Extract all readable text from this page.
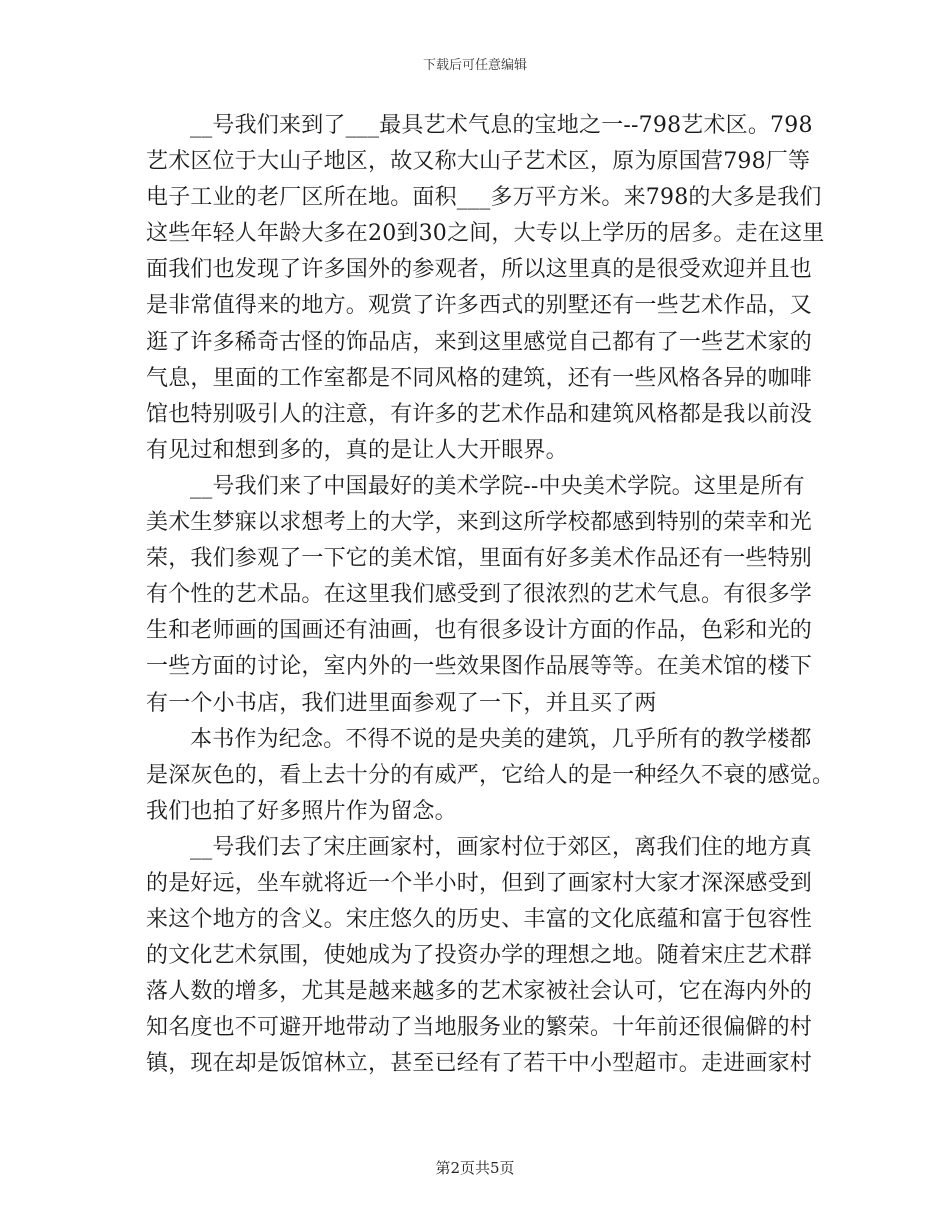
下载后可任意编辑
__号我们来到了___最具艺术气息的宝地之一--798艺术区。798
艺术区位于大山子地区，故又称大山子艺术区，原为原国营798厂等
电子工业的老厂区所在地。面积___多万平方米。来798的大多是我们
这些年轻人年龄大多在20到30之间，大专以上学历的居多。走在这里
面我们也发现了许多国外的参观者，所以这里真的是很受欢迎并且也
是非常值得来的地方。观赏了许多西式的别墅还有一些艺术作品，又
逛了许多稀奇古怪的饰品店，来到这里感觉自己都有了一些艺术家的
气息，里面的工作室都是不同风格的建筑，还有一些风格各异的咖啡
馆也特别吸引人的注意，有许多的艺术作品和建筑风格都是我以前没
有见过和想到多的，真的是让人大开眼界。
__号我们来了中国最好的美术学院--中央美术学院。这里是所有
美术生梦寐以求想考上的大学，来到这所学校都感到特别的荣幸和光
荣，我们参观了一下它的美术馆，里面有好多美术作品还有一些特别
有个性的艺术品。在这里我们感受到了很浓烈的艺术气息。有很多学
生和老师画的国画还有油画，也有很多设计方面的作品，色彩和光的
一些方面的讨论，室内外的一些效果图作品展等等。在美术馆的楼下
有一个小书店，我们进里面参观了一下，并且买了两
本书作为纪念。不得不说的是央美的建筑，几乎所有的教学楼都
是深灰色的，看上去十分的有威严，它给人的是一种经久不衰的感觉。
我们也拍了好多照片作为留念。
__号我们去了宋庄画家村，画家村位于郊区，离我们住的地方真
的是好远，坐车就将近一个半小时，但到了画家村大家才深深感受到
来这个地方的含义。宋庄悠久的历史、丰富的文化底蕴和富于包容性
的文化艺术氛围，使她成为了投资办学的理想之地。随着宋庄艺术群
落人数的增多，尤其是越来越多的艺术家被社会认可，它在海内外的
知名度也不可避开地带动了当地服务业的繁荣。十年前还很偏僻的村
镇，现在却是饭馆林立，甚至已经有了若干中小型超市。走进画家村
第2页共5页
